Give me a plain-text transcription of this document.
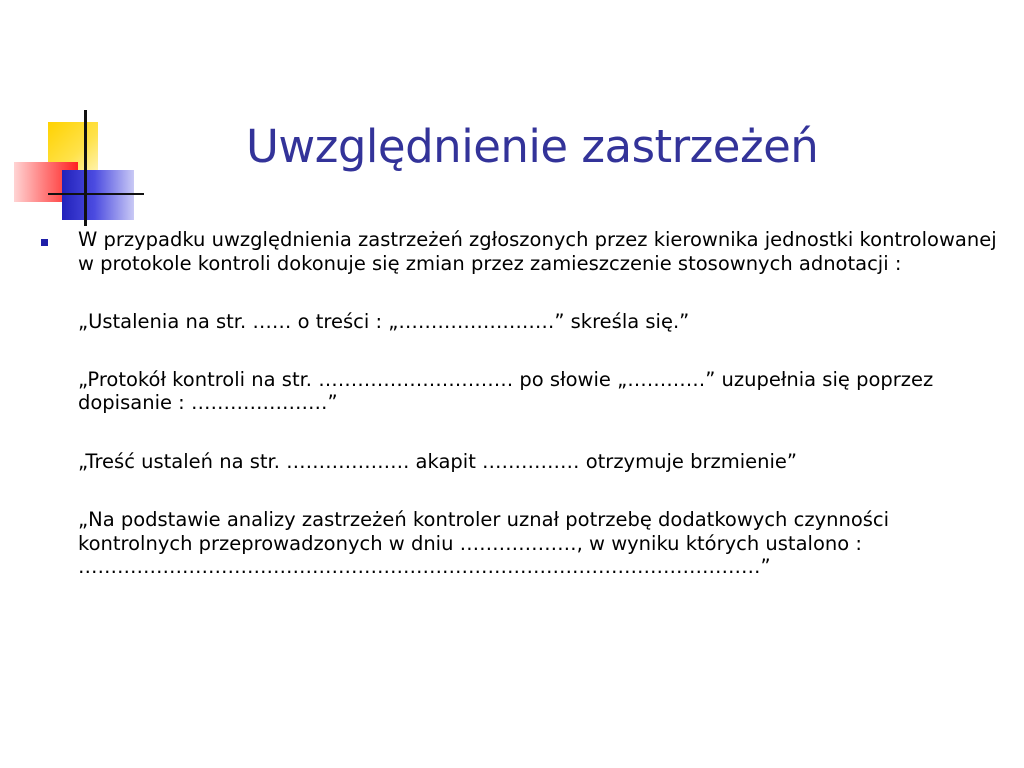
Uwzględnienie zastrzeżeń

W przypadku uwzględnienia zastrzeżeń zgłoszonych przez kierownika jednostki kontrolowanej w protokole kontroli dokonuje się zmian przez zamieszczenie stosownych adnotacji :

„Ustalenia na str. …… o treści : „……………………” skreśla się.”

„Protokół kontroli na str. ………………………… po słowie „…………” uzupełnia się poprzez dopisanie : …………………”

„Treść ustaleń na str. ………………. akapit …………… otrzymuje brzmienie”

„Na podstawie analizy zastrzeżeń kontroler uznał potrzebę dodatkowych czynności kontrolnych przeprowadzonych w dniu ………………, w wyniku których ustalono : ……………………………………………………………………………………………”
